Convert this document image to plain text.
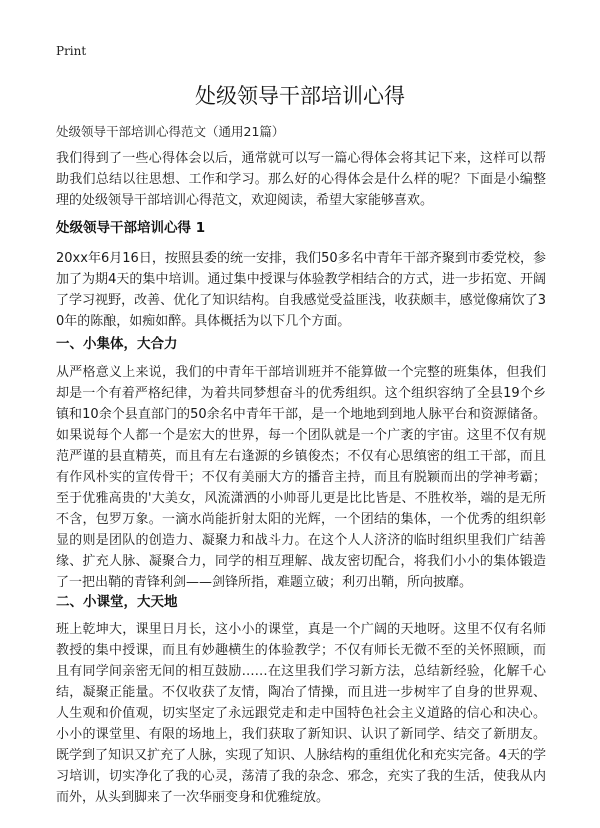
Print
处级领导干部培训心得

处级领导干部培训心得范文（通用21篇）

我们得到了一些心得体会以后，通常就可以写一篇心得体会将其记下来，这样可以帮助我们总结以往思想、工作和学习。那么好的心得体会是什么样的呢？下面是小编整理的处级领导干部培训心得范文，欢迎阅读，希望大家能够喜欢。

处级领导干部培训心得 1

20xx年6月16日，按照县委的统一安排，我们50多名中青年干部齐聚到市委党校，参加了为期4天的集中培训。通过集中授课与体验教学相结合的方式，进一步拓宽、开阔了学习视野，改善、优化了知识结构。自我感觉受益匪浅，收获颇丰，感觉像痛饮了30年的陈酿，如痴如醉。具体概括为以下几个方面。

一、小集体，大合力

从严格意义上来说，我们的中青年干部培训班并不能算做一个完整的班集体，但我们却是一个有着严格纪律，为着共同梦想奋斗的优秀组织。这个组织容纳了全县19个乡镇和10余个县直部门的50余名中青年干部，是一个地地到到地人脉平台和资源储备。如果说每个人都一个是宏大的世界，每一个团队就是一个广袤的宇宙。这里不仅有规范严谨的县直精英，而且有左右逢源的乡镇俊杰；不仅有心思缜密的组工干部，而且有作风朴实的宣传骨干；不仅有美丽大方的播音主持，而且有脱颖而出的学神考霸；至于优雅高贵的'大美女，风流潇洒的小帅哥儿更是比比皆是、不胜枚举，端的是无所不含，包罗万象。一滴水尚能折射太阳的光辉，一个团结的集体，一个优秀的组织彰显的则是团队的创造力、凝聚力和战斗力。在这个人人济济的临时组织里我们广结善缘、扩充人脉、凝聚合力，同学的相互理解、战友密切配合，将我们小小的集体锻造了一把出鞘的青锋利剑——剑锋所指，难题立破；利刃出鞘，所向披靡。

二、小课堂，大天地

班上乾坤大，课里日月长，这小小的课堂，真是一个广阔的天地呀。这里不仅有名师教授的集中授课，而且有妙趣横生的体验教学；不仅有师长无微不至的关怀照顾，而且有同学间亲密无间的相互鼓励……在这里我们学习新方法，总结新经验，化解千心结，凝聚正能量。不仅收获了友情，陶冶了情操，而且进一步树牢了自身的世界观、人生观和价值观，切实坚定了永远跟党走和走中国特色社会主义道路的信心和决心。小小的课堂里、有限的场地上，我们获取了新知识、认识了新同学、结交了新朋友。既学到了知识又扩充了人脉，实现了知识、人脉结构的重组优化和充实完备。4天的学习培训，切实净化了我的心灵，荡清了我的杂念、邪念，充实了我的生活，使我从内而外，从头到脚来了一次华丽变身和优雅绽放。
